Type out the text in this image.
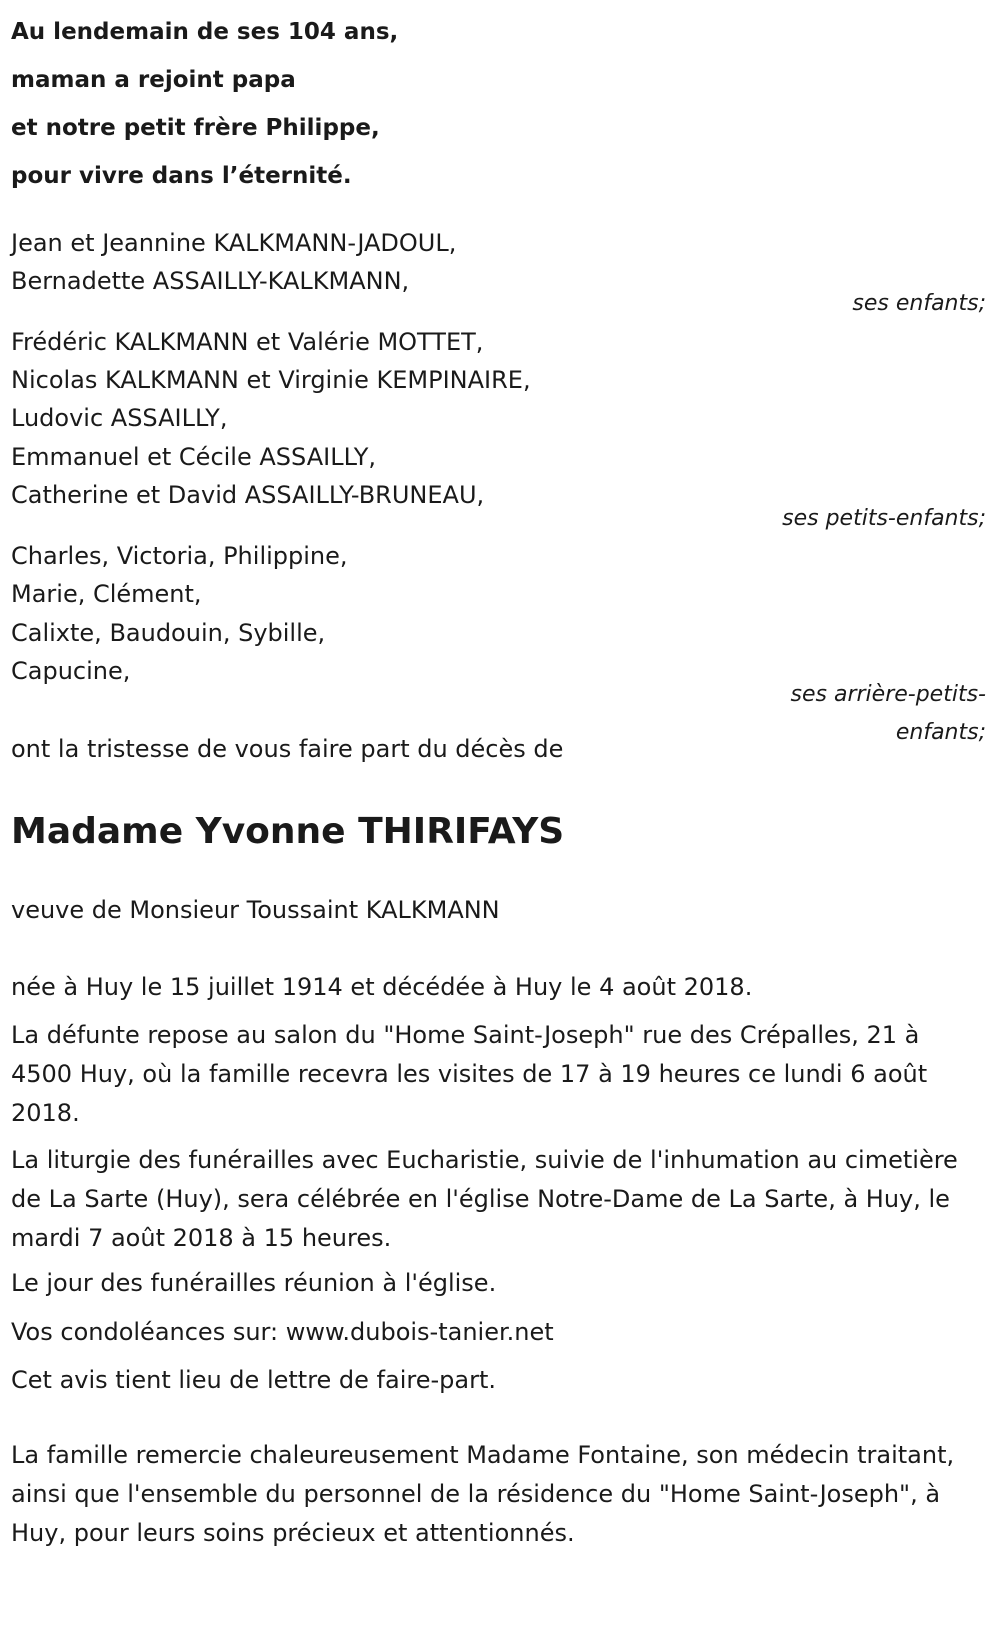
Au lendemain de ses 104 ans,
maman a rejoint papa
et notre petit frère Philippe,
pour vivre dans l’éternité.
Jean et Jeannine KALKMANN-JADOUL,
Bernadette ASSAILLY-KALKMANN,
ses enfants;
Frédéric KALKMANN et Valérie MOTTET,
Nicolas KALKMANN et Virginie KEMPINAIRE,
Ludovic ASSAILLY,
Emmanuel et Cécile ASSAILLY,
Catherine et David ASSAILLY-BRUNEAU,
ses petits-enfants;
Charles, Victoria, Philippine,
Marie, Clément,
Calixte, Baudouin, Sybille,
Capucine,
ses arrière-petits-enfants;
ont la tristesse de vous faire part du décès de
Madame Yvonne THIRIFAYS
veuve de Monsieur Toussaint KALKMANN
née à Huy le 15 juillet 1914 et décédée à Huy le 4 août 2018.
La défunte repose au salon du "Home Saint-Joseph" rue des Crépalles, 21 à 4500 Huy, où la famille recevra les visites de 17 à 19 heures ce lundi 6 août 2018.
La liturgie des funérailles avec Eucharistie, suivie de l'inhumation au cimetière de La Sarte (Huy), sera célébrée en l'église Notre-Dame de La Sarte, à Huy, le mardi 7 août 2018 à 15 heures.
Le jour des funérailles réunion à l'église.
Vos condoléances sur: www.dubois-tanier.net
Cet avis tient lieu de lettre de faire-part.
La famille remercie chaleureusement Madame Fontaine, son médecin traitant, ainsi que l'ensemble du personnel de la résidence du "Home Saint-Joseph", à Huy, pour leurs soins précieux et attentionnés.
